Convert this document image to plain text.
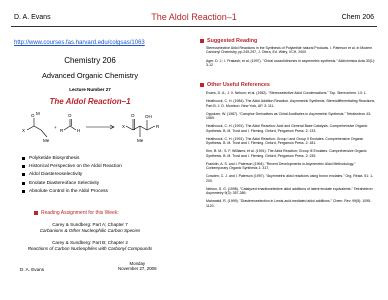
D. A. Evans	The Aldol Reaction–1	Chem 206
http://www.courses.fas.harvard.edu/colgsas/1063
Chemistry 206
Advanced Organic Chemistry
Lecture Number 27
The Aldol Reaction–1
O M
X
Me
+
O
R	H
O
X
OH
Me
R
Polyketide Biosynthesis
Historical Perspective on the Aldol Reaction
Aldol Diastereoselectivity
Enolate Diastereoface Selectivity
Absolute Control in the Aldol Process
Reading Assignment for this Week:
Carey & Sundberg: Part A; Chapter 7
Carbanions & Other Nucleophilic Carbon Species
Carey & Sundberg: Part B; Chapter 2
Reactions of Carbon Nucleophiles with Carbonyl Compounds
D. A. Evans
Monday
November 27, 2006
Suggested Reading
Stereoselective Aldol Reactions in the Synthesis of Polyketide natural Products. I. Paterson et al. in Modern Carbonyl Chemistry, pp.249-297, J. Otera, Ed. Wiley, VCH, 2000
Ager, D. J.; I. Prakash; et al. (1997). "Chiral oxazolidinones in asymmetric synthesis." Aldrichimica Acta 30(1): 3-12
Other Useful References
Evans, D. A.; J. V. Nelson; et al. (1982). "Stereoselective Aldol Condensations." Top. Stereochem. 13: 1.
Heathcock, C. H. (1984). The Aldol Addition Reaction. Asymmetric Synthesis. Stereodifferentiating Reactions, Part B. J. D. Morrison. New York, AP. 3: 111.
Oppolzer, W. (1987). "Camphor Derivatives as Chiral Auxiliaries in Asymmetric Synthesis." Tetrahedron 43: 1969.
Heathcock, C. H. (1991). The Aldol Reaction: Acid and General Base Catalysis. Comprehensive Organic Synthesis. B. M. Trost and I. Fleming. Oxford, Pergamon Press. 2: 133.
Heathcock, C. H. (1991). The Aldol Reaction: Group I and Group II Enolates. Comprehensive Organic Synthesis. B. M. Trost and I. Fleming. Oxford, Pergamon Press. 2: 181.
Kim, B. M.; S. F. Williams; et al. (1991). The Aldol Reaction: Group III Enolates. Comprehensive Organic Synthesis. B. M. Trost and I. Fleming. Oxford, Pergamon Press. 2: 239.
Franklin, A. S. and I. Paterson (1994). "Recent Developments in Asymmetric Aldol Methodology." Contemporary Organic Synthesis 1: 317.
Cowden, C. J. and I. Paterson (1997). "Asymmetric aldol reactions using boron enolates." Org. React. 51: 1-200.
Nelson, S. G. (1998). "Catalyzed enantioselective aldol additions of latent enolate equivalents." Tetrahedron: Asymmetry 9(3): 357-389.
Mahrwald, R. (1999). "Diastereoselection in Lewis-acid-mediated aldol additions." Chem. Rev. 99(5): 1095-1120.
